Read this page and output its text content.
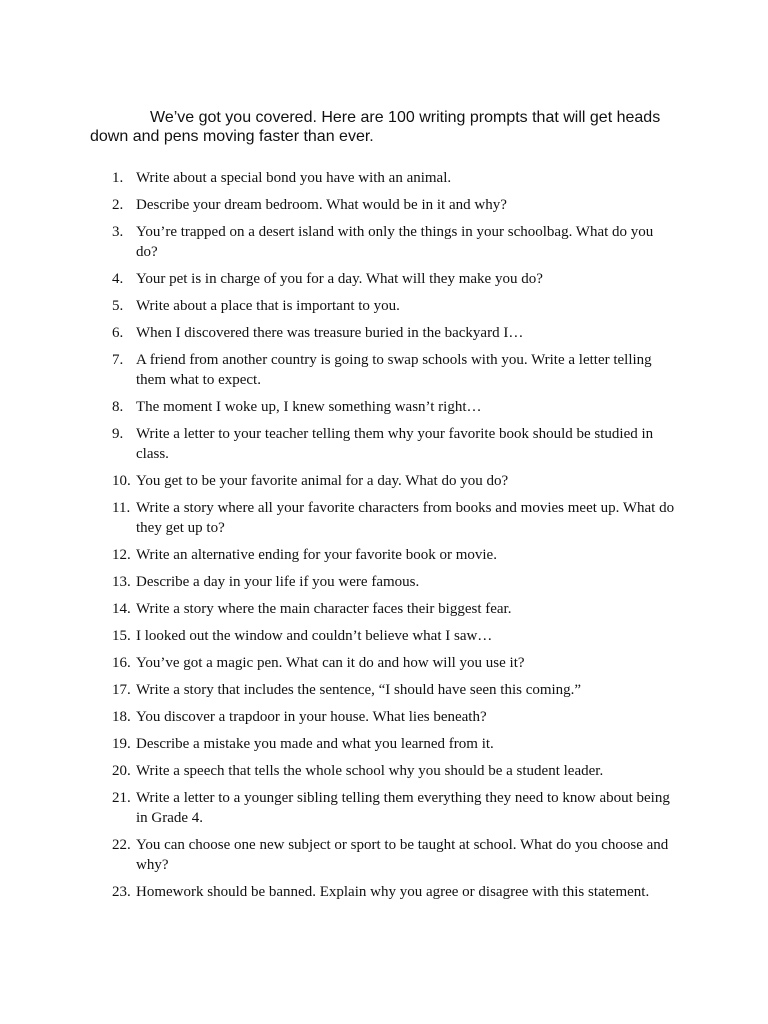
We’ve got you covered. Here are 100 writing prompts that will get heads down and pens moving faster than ever.

1. Write about a special bond you have with an animal.
2. Describe your dream bedroom. What would be in it and why?
3. You’re trapped on a desert island with only the things in your schoolbag. What do you do?
4. Your pet is in charge of you for a day. What will they make you do?
5. Write about a place that is important to you.
6. When I discovered there was treasure buried in the backyard I…
7. A friend from another country is going to swap schools with you. Write a letter telling them what to expect.
8. The moment I woke up, I knew something wasn’t right…
9. Write a letter to your teacher telling them why your favorite book should be studied in class.
10. You get to be your favorite animal for a day. What do you do?
11. Write a story where all your favorite characters from books and movies meet up. What do they get up to?
12. Write an alternative ending for your favorite book or movie.
13. Describe a day in your life if you were famous.
14. Write a story where the main character faces their biggest fear.
15. I looked out the window and couldn’t believe what I saw…
16. You’ve got a magic pen. What can it do and how will you use it?
17. Write a story that includes the sentence, “I should have seen this coming.”
18. You discover a trapdoor in your house. What lies beneath?
19. Describe a mistake you made and what you learned from it.
20. Write a speech that tells the whole school why you should be a student leader.
21. Write a letter to a younger sibling telling them everything they need to know about being in Grade 4.
22. You can choose one new subject or sport to be taught at school. What do you choose and why?
23. Homework should be banned. Explain why you agree or disagree with this statement.
